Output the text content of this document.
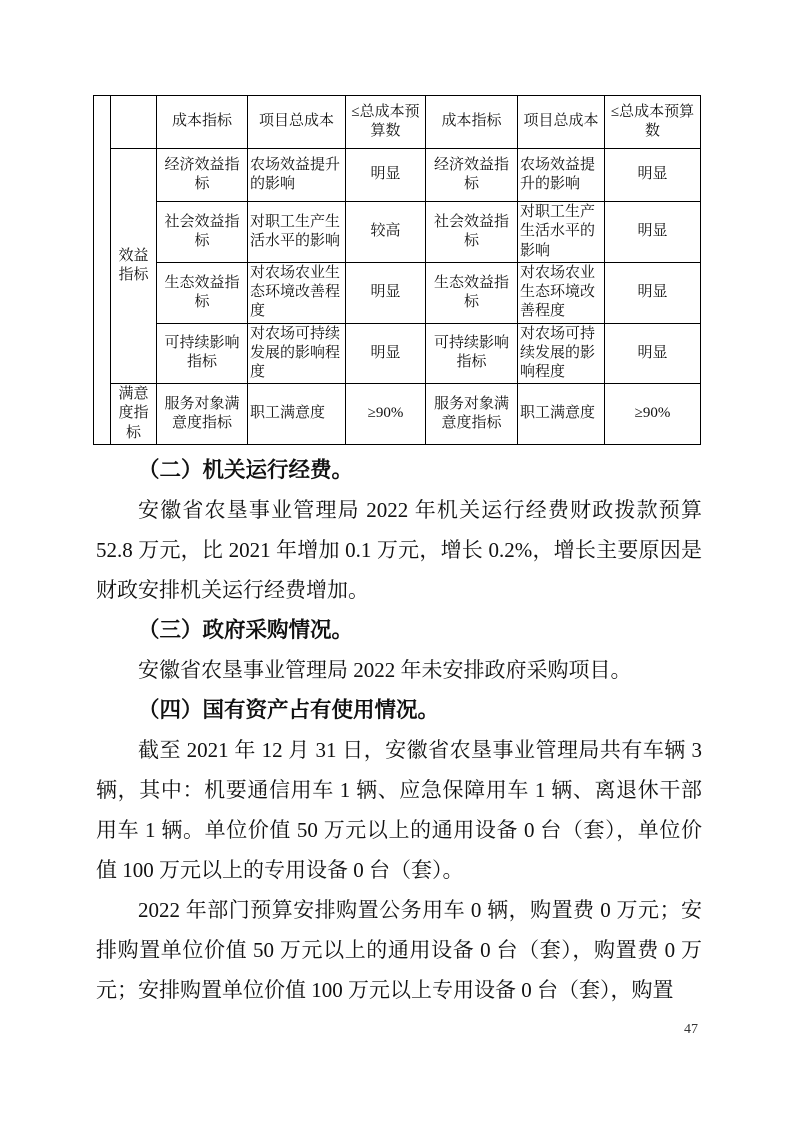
		成本指标	项目总成本	≤总成本预算数	成本指标	项目总成本	≤总成本预算数
	效益指标	经济效益指标	农场效益提升的影响	明显	经济效益指标	农场效益提升的影响	明显
		社会效益指标	对职工生产生活水平的影响	较高	社会效益指标	对职工生产生活水平的影响	明显
		生态效益指标	对农场农业生态环境改善程度	明显	生态效益指标	对农场农业生态环境改善程度	明显
		可持续影响指标	对农场可持续发展的影响程度	明显	可持续影响指标	对农场可持续发展的影响程度	明显
	满意度指标	服务对象满意度指标	职工满意度	≥90%	服务对象满意度指标	职工满意度	≥90%

（二）机关运行经费。

安徽省农垦事业管理局 2022 年机关运行经费财政拨款预算 52.8 万元，比 2021 年增加 0.1 万元，增长 0.2%，增长主要原因是财政安排机关运行经费增加。

（三）政府采购情况。

安徽省农垦事业管理局 2022 年未安排政府采购项目。

（四）国有资产占有使用情况。

截至 2021 年 12 月 31 日，安徽省农垦事业管理局共有车辆 3 辆，其中：机要通信用车 1 辆、应急保障用车 1 辆、离退休干部用车 1 辆。单位价值 50 万元以上的通用设备 0 台（套），单位价值 100 万元以上的专用设备 0 台（套）。

2022 年部门预算安排购置公务用车 0 辆，购置费 0 万元；安排购置单位价值 50 万元以上的通用设备 0 台（套），购置费 0 万元；安排购置单位价值 100 万元以上专用设备 0 台（套），购置

47
